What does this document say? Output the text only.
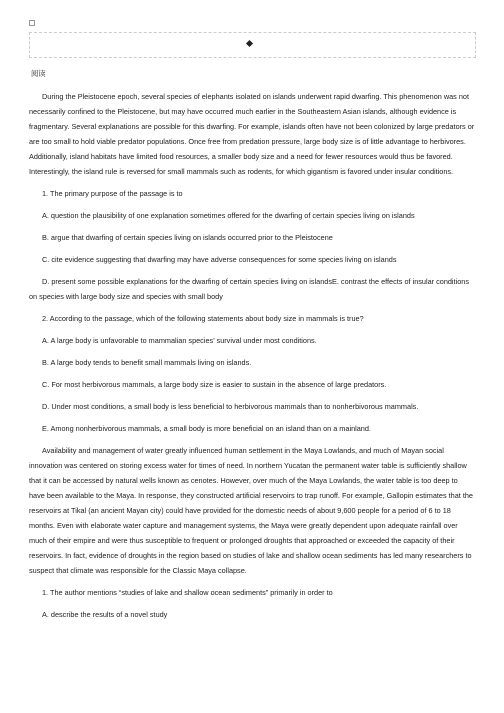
阅读

During the Pleistocene epoch, several species of elephants isolated on islands underwent rapid dwarfing. This phenomenon was not necessarily confined to the Pleistocene, but may have occurred much earlier in the Southeastern Asian islands, although evidence is fragmentary. Several explanations are possible for this dwarfing. For example, islands often have not been colonized by large predators or are too small to hold viable predator populations. Once free from predation pressure, large body size is of little advantage to herbivores. Additionally, island habitats have limited food resources, a smaller body size and a need for fewer resources would thus be favored. Interestingly, the island rule is reversed for small mammals such as rodents, for which gigantism is favored under insular conditions.

1. The primary purpose of the passage is to

A. question the plausibility of one explanation sometimes offered for the dwarfing of certain species living on islands

B. argue that dwarfing of certain species living on islands occurred prior to the Pleistocene

C. cite evidence suggesting that dwarfing may have adverse consequences for some species living on islands

D. present some possible explanations for the dwarfing of certain species living on islandsE. contrast the effects of insular conditions on species with large body size and species with small body

2. According to the passage, which of the following statements about body size in mammals is true?

A. A large body is unfavorable to mammalian species’ survival under most conditions.

B. A large body tends to benefit small mammals living on islands.

C. For most herbivorous mammals, a large body size is easier to sustain in the absence of large predators.

D. Under most conditions, a small body is less beneficial to herbivorous mammals than to nonherbivorous mammals.

E. Among nonherbivorous mammals, a small body is more beneficial on an island than on a mainland.

Availability and management of water greatly influenced human settlement in the Maya Lowlands, and much of Mayan social innovation was centered on storing excess water for times of need. In northern Yucatan the permanent water table is sufficiently shallow that it can be accessed by natural wells known as cenotes. However, over much of the Maya Lowlands, the water table is too deep to have been available to the Maya. In response, they constructed artificial reservoirs to trap runoff. For example, Gallopin estimates that the reservoirs at Tikal (an ancient Mayan city) could have provided for the domestic needs of about 9,600 people for a period of 6 to 18 months. Even with elaborate water capture and management systems, the Maya were greatly dependent upon adequate rainfall over much of their empire and were thus susceptible to frequent or prolonged droughts that approached or exceeded the capacity of their reservoirs. In fact, evidence of droughts in the region based on studies of lake and shallow ocean sediments has led many researchers to suspect that climate was responsible for the Classic Maya collapse.

1. The author mentions “studies of lake and shallow ocean sediments” primarily in order to

A. describe the results of a novel study
